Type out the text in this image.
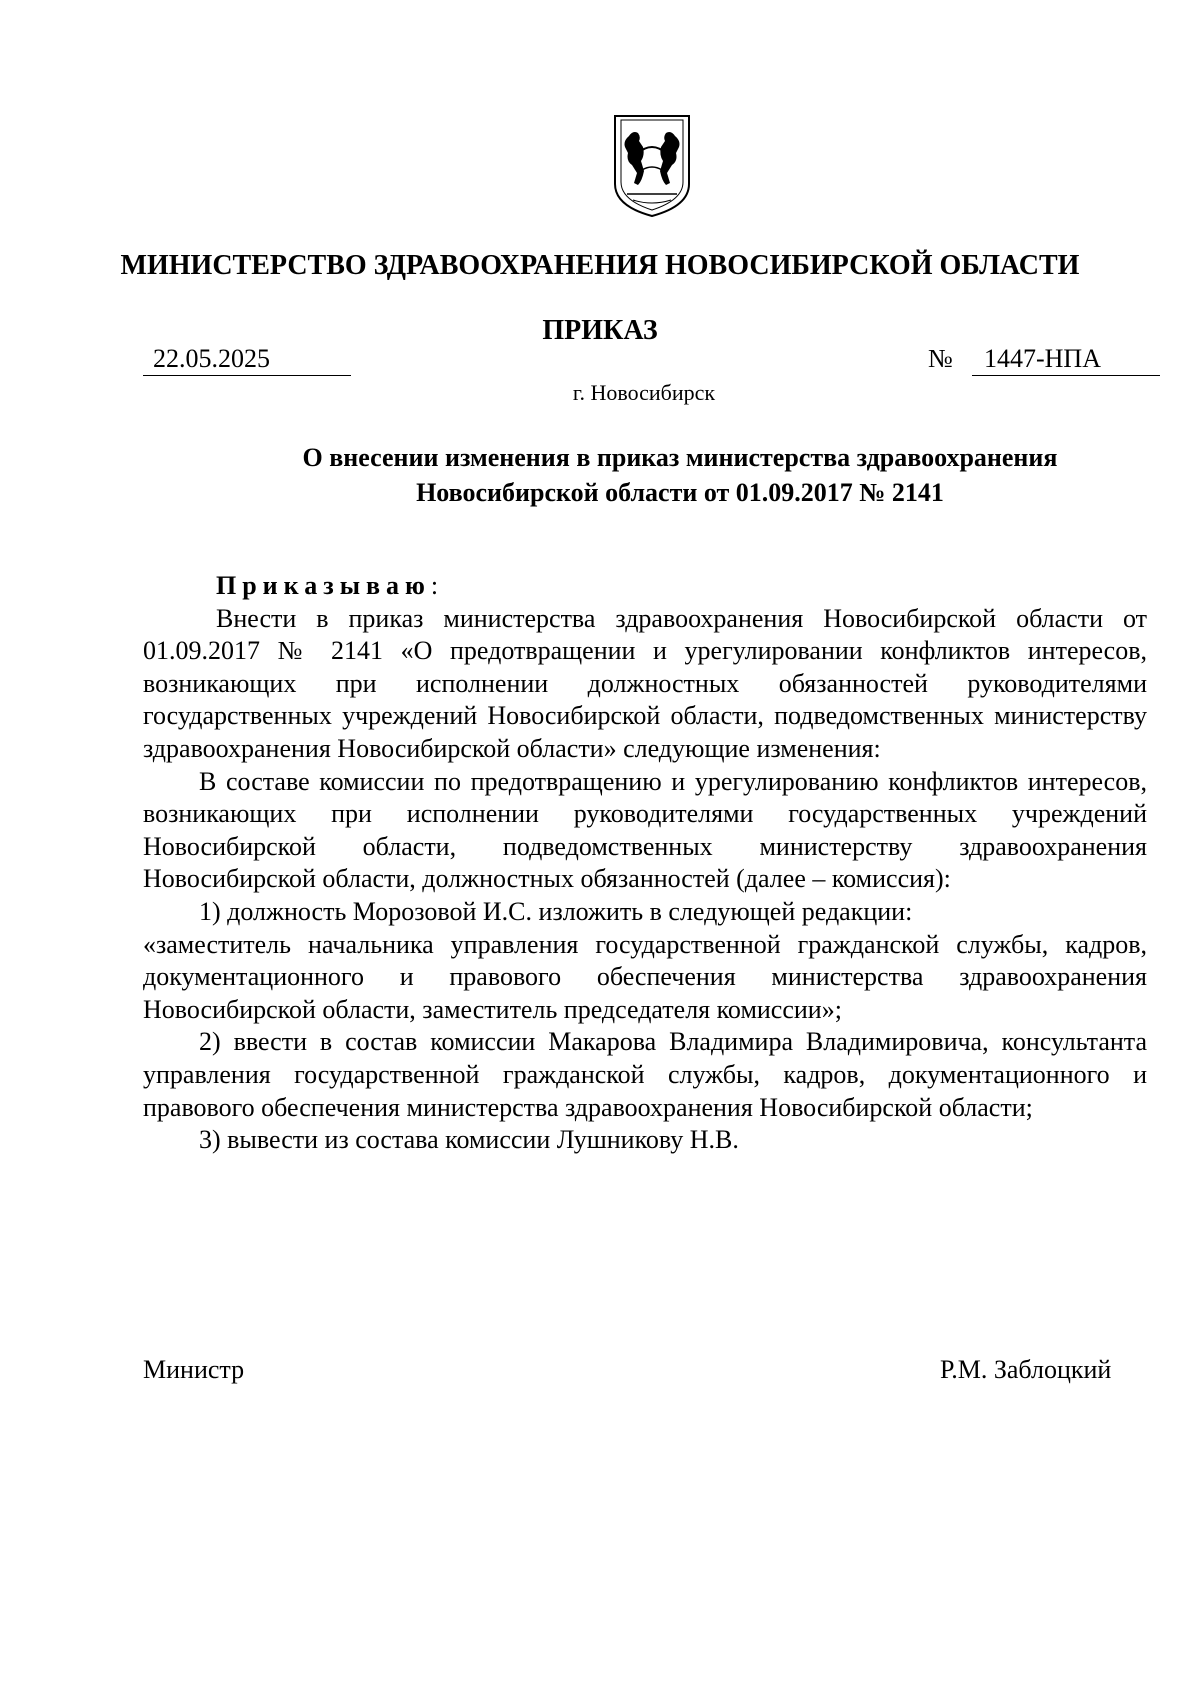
МИНИСТЕРСТВО ЗДРАВООХРАНЕНИЯ НОВОСИБИРСКОЙ ОБЛАСТИ
ПРИКАЗ
22.05.2025	№	1447-НПА
г. Новосибирск
О внесении изменения в приказ министерства здравоохранения
Новосибирской области от 01.09.2017 № 2141

Приказываю:

Внести в приказ министерства здравоохранения Новосибирской области от 01.09.2017 № 2141 «О предотвращении и урегулировании конфликтов интересов, возникающих при исполнении должностных обязанностей руководителями государственных учреждений Новосибирской области, подведомственных министерству здравоохранения Новосибирской области» следующие изменения:

В составе комиссии по предотвращению и урегулированию конфликтов интересов, возникающих при исполнении руководителями государственных учреждений Новосибирской области, подведомственных министерству здравоохранения Новосибирской области, должностных обязанностей (далее – комиссия):

1) должность Морозовой И.С. изложить в следующей редакции:

«заместитель начальника управления государственной гражданской службы, кадров, документационного и правового обеспечения министерства здравоохранения Новосибирской области, заместитель председателя комиссии»;

2) ввести в состав комиссии Макарова Владимира Владимировича, консультанта управления государственной гражданской службы, кадров, документационного и правового обеспечения министерства здравоохранения Новосибирской области;

3) вывести из состава комиссии Лушникову Н.В.

Министр	Р.М. Заблоцкий
